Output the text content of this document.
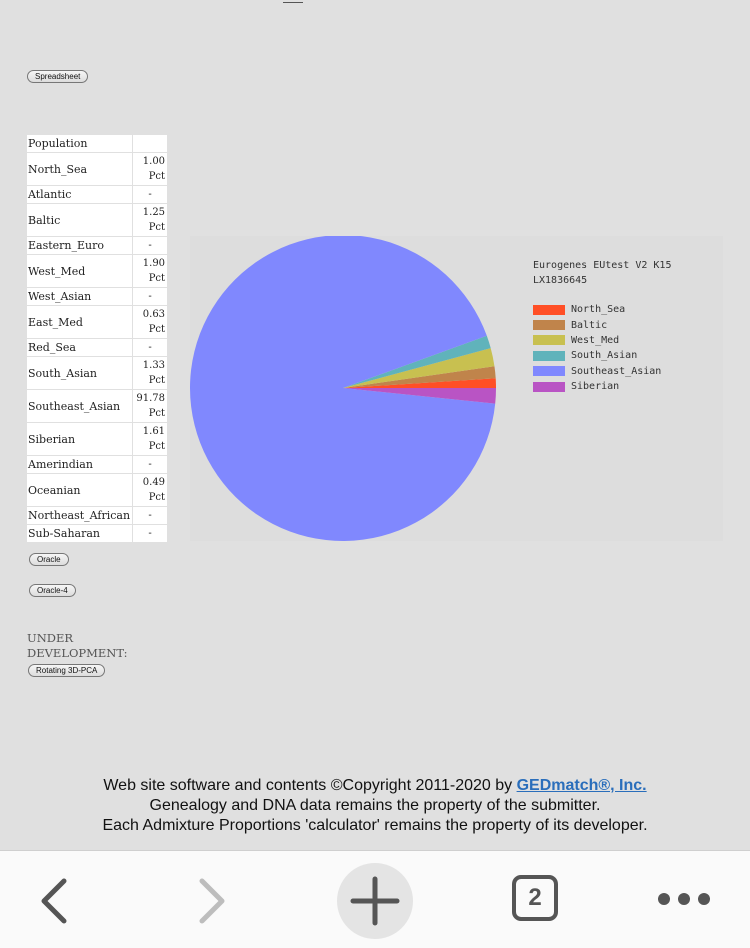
Spreadsheet
Population	
North_Sea	1.00
Pct

Atlantic	-

Baltic	1.25
Pct

Eastern_Euro	-

West_Med	1.90
Pct

West_Asian	-

East_Med	0.63
Pct

Red_Sea	-

South_Asian	1.33
Pct

Southeast_Asian	91.78
Pct

Siberian	1.61
Pct

Amerindian	-

Oceanian	0.49
Pct

Northeast_African	-

Sub-Saharan	-
Oracle
Oracle-4
UNDER DEVELOPMENT:
Rotating 3D-PCA
Eurogenes EUtest V2 K15
LX1836645
North_Sea
Baltic
West_Med
South_Asian
Southeast_Asian
Siberian
Web site software and contents ©Copyright 2011-2020 by GEDmatch®, Inc.
Genealogy and DNA data remains the property of the submitter.
Each Admixture Proportions 'calculator' remains the property of its developer.
2
